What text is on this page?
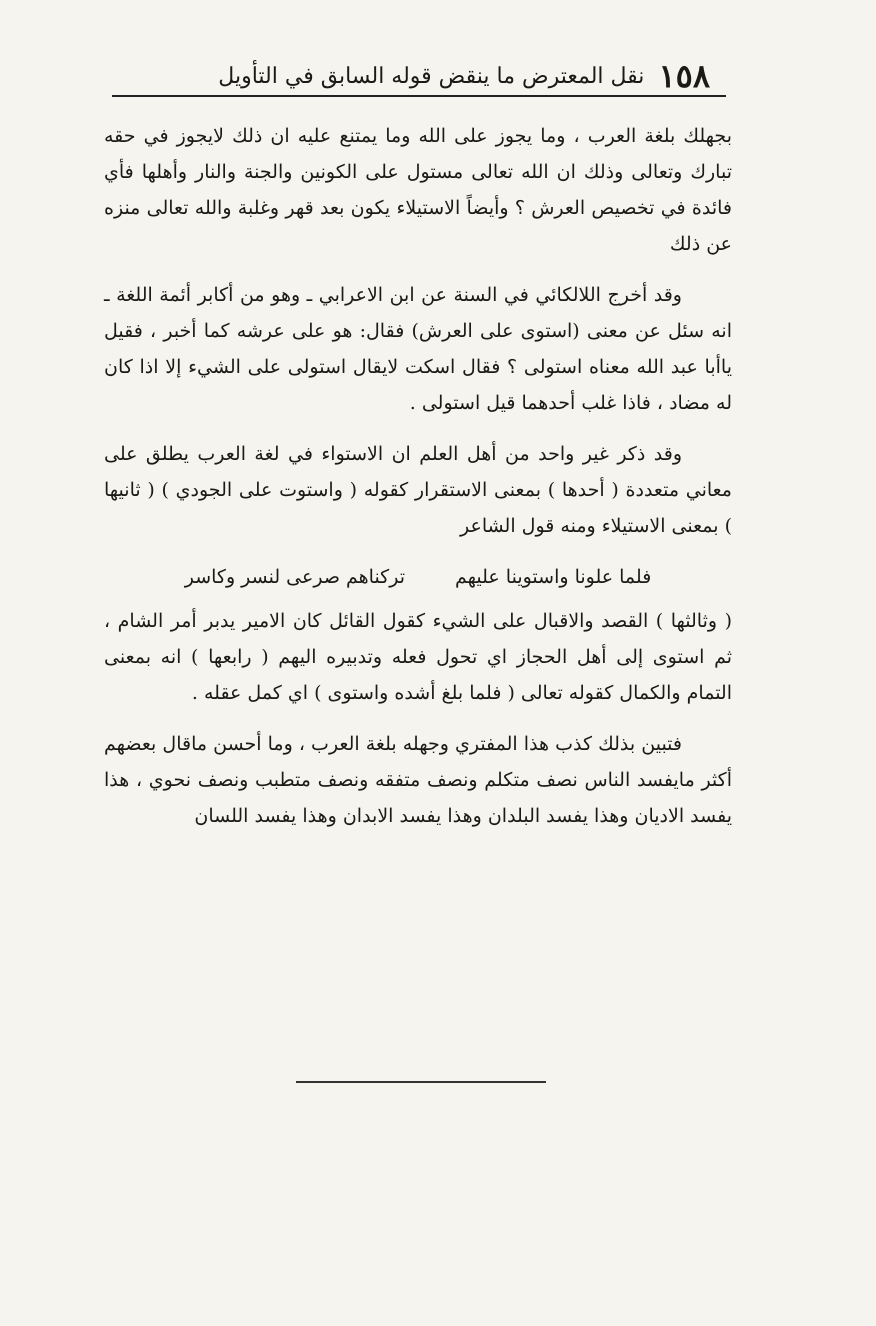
١٥٨
نقل المعترض ما ينقض قوله السابق في التأويل

بجهلك بلغة العرب ، وما يجوز على الله وما يمتنع عليه ان ذلك لايجوز في حقه تبارك وتعالى وذلك ان الله تعالى مستول على الكونين والجنة والنار وأهلها فأي فائدة في تخصيص العرش ؟ وأيضاً الاستيلاء يكون بعد قهر وغلبة والله تعالى منزه عن ذلك

وقد أخرج اللالكائي في السنة عن ابن الاعرابي ـ وهو من أكابر أئمة اللغة ـ انه سئل عن معنى (استوى على العرش) فقال: هو على عرشه كما أخبر ، فقيل ياأبا عبد الله معناه استولى ؟ فقال اسكت لايقال استولى على الشيء إلا اذا كان له مضاد ، فاذا غلب أحدهما قيل استولى .

وقد ذكر غير واحد من أهل العلم ان الاستواء في لغة العرب يطلق على معاني متعددة ( أحدها ) بمعنى الاستقرار كقوله ( واستوت على الجودي ) ( ثانيها ) بمعنى الاستيلاء ومنه قول الشاعر

فلما علونا واستوينا عليهم
تركناهم صرعى لنسر وكاسر

( وثالثها ) القصد والاقبال على الشيء كقول القائل كان الامير يدبر أمر الشام ، ثم استوى إلى أهل الحجاز اي تحول فعله وتدبيره اليهم ( رابعها ) انه بمعنى التمام والكمال كقوله تعالى ( فلما بلغ أشده واستوى ) اي كمل عقله .

فتبين بذلك كذب هذا المفتري وجهله بلغة العرب ، وما أحسن ماقال بعضهم أكثر مايفسد الناس نصف متكلم ونصف متفقه ونصف متطبب ونصف نحوي ، هذا يفسد الاديان وهذا يفسد البلدان وهذا يفسد الابدان وهذا يفسد اللسان
